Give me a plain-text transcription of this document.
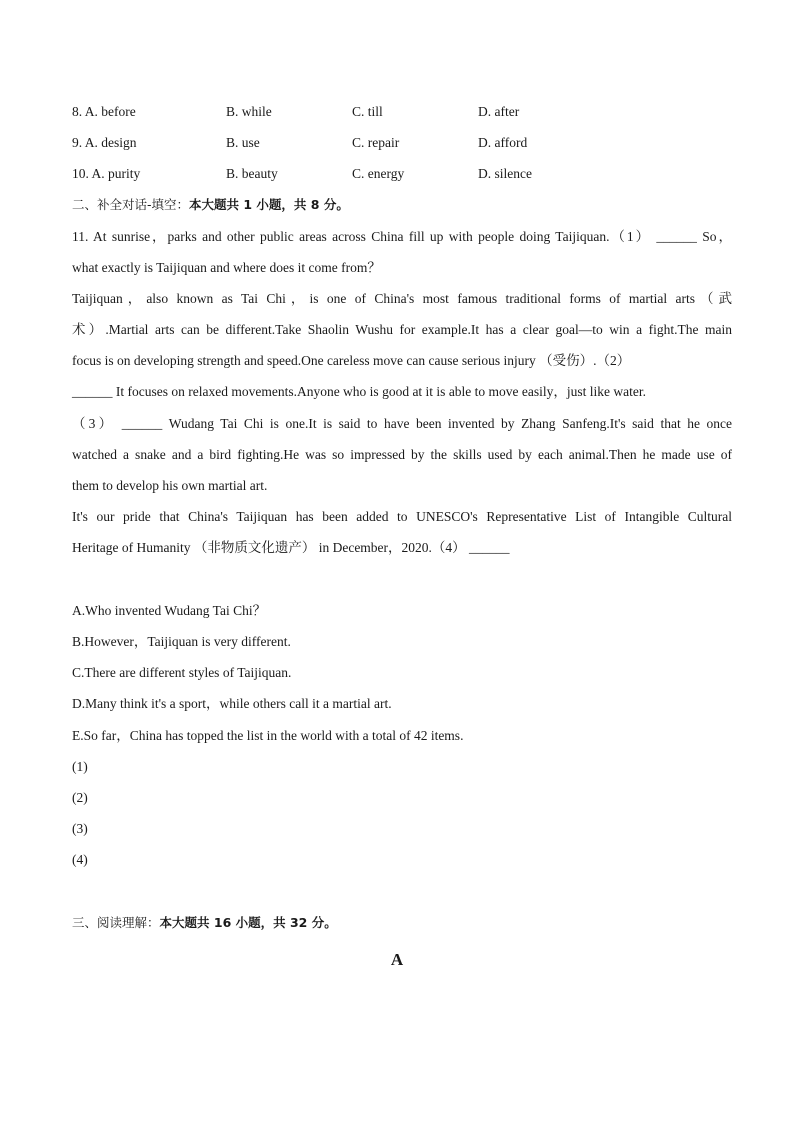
8. A. before	B. while	C. till	D. after
9. A. design	B. use	C. repair	D. afford
10. A. purity	B. beauty	C. energy	D. silence
二、补全对话-填空：本大题共 1 小题，共 8 分。
11. At sunrise，parks and other public areas across China fill up with people doing Taijiquan.（1） ______ So，
what exactly is Taijiquan and where does it come from？
Taijiquan，also known as Tai Chi，is one of China's most famous traditional forms of martial arts（武
术）.Martial arts can be different.Take Shaolin Wushu for example.It has a clear goal—to win a fight.The main
focus is on developing strength and speed.One careless move can cause serious injury （受伤）.（2）
______ It focuses on relaxed movements.Anyone who is good at it is able to move easily，just like water.
（3） ______ Wudang Tai Chi is one.It is said to have been invented by Zhang Sanfeng.It's said that he once
watched a snake and a bird fighting.He was so impressed by the skills used by each animal.Then he made use of
them to develop his own martial art.
It's our pride that China's Taijiquan has been added to UNESCO's Representative List of Intangible Cultural
Heritage of Humanity （非物质文化遗产） in December，2020.（4） ______
A.Who invented Wudang Tai Chi？
B.However，Taijiquan is very different.
C.There are different styles of Taijiquan.
D.Many think it's a sport，while others call it a martial art.
E.So far，China has topped the list in the world with a total of 42 items.
(1)
(2)
(3)
(4)
三、阅读理解：本大题共 16 小题，共 32 分。
A
